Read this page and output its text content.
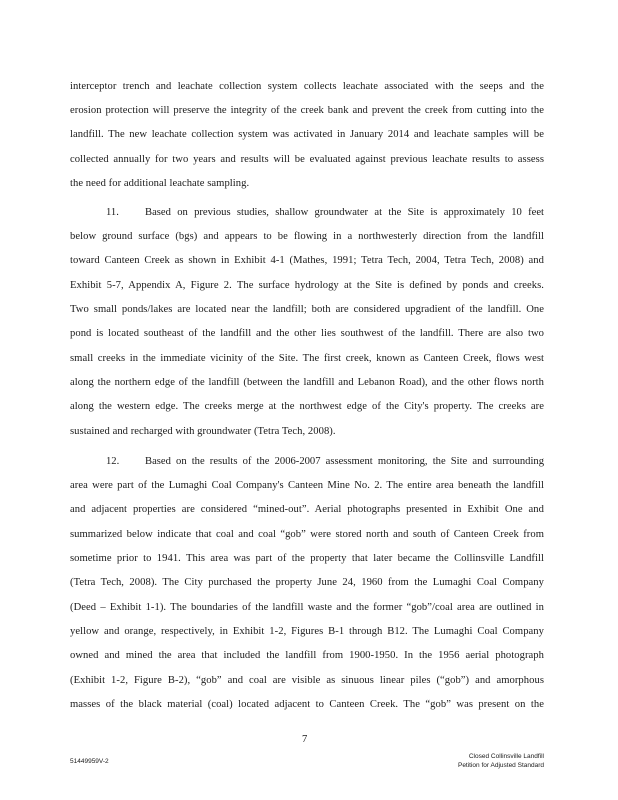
interceptor trench and leachate collection system collects leachate associated with the seeps and the
erosion protection will preserve the integrity of the creek bank and prevent the creek from cutting into the
landfill. The new leachate collection system was activated in January 2014 and leachate samples will be
collected annually for two years and results will be evaluated against previous leachate results to assess
the need for additional leachate sampling.
11. Based on previous studies, shallow groundwater at the Site is approximately 10 feet
below ground surface (bgs) and appears to be flowing in a northwesterly direction from the landfill
toward Canteen Creek as shown in Exhibit 4-1 (Mathes, 1991; Tetra Tech, 2004, Tetra Tech, 2008) and
Exhibit 5-7, Appendix A, Figure 2. The surface hydrology at the Site is defined by ponds and creeks.
Two small ponds/lakes are located near the landfill; both are considered upgradient of the landfill. One
pond is located southeast of the landfill and the other lies southwest of the landfill. There are also two
small creeks in the immediate vicinity of the Site. The first creek, known as Canteen Creek, flows west
along the northern edge of the landfill (between the landfill and Lebanon Road), and the other flows north
along the western edge. The creeks merge at the northwest edge of the City's property. The creeks are
sustained and recharged with groundwater (Tetra Tech, 2008).
12. Based on the results of the 2006-2007 assessment monitoring, the Site and surrounding
area were part of the Lumaghi Coal Company's Canteen Mine No. 2. The entire area beneath the landfill
and adjacent properties are considered “mined-out”. Aerial photographs presented in Exhibit One and
summarized below indicate that coal and coal “gob” were stored north and south of Canteen Creek from
sometime prior to 1941. This area was part of the property that later became the Collinsville Landfill
(Tetra Tech, 2008). The City purchased the property June 24, 1960 from the Lumaghi Coal Company
(Deed – Exhibit 1-1). The boundaries of the landfill waste and the former “gob”/coal area are outlined in
yellow and orange, respectively, in Exhibit 1-2, Figures B-1 through B12. The Lumaghi Coal Company
owned and mined the area that included the landfill from 1900-1950. In the 1956 aerial photograph
(Exhibit 1-2, Figure B-2), “gob” and coal are visible as sinuous linear piles (“gob”) and amorphous
masses of the black material (coal) located adjacent to Canteen Creek. The “gob” was present on the
7
51449959V-2
Closed Collinsville Landfill
Petition for Adjusted Standard
